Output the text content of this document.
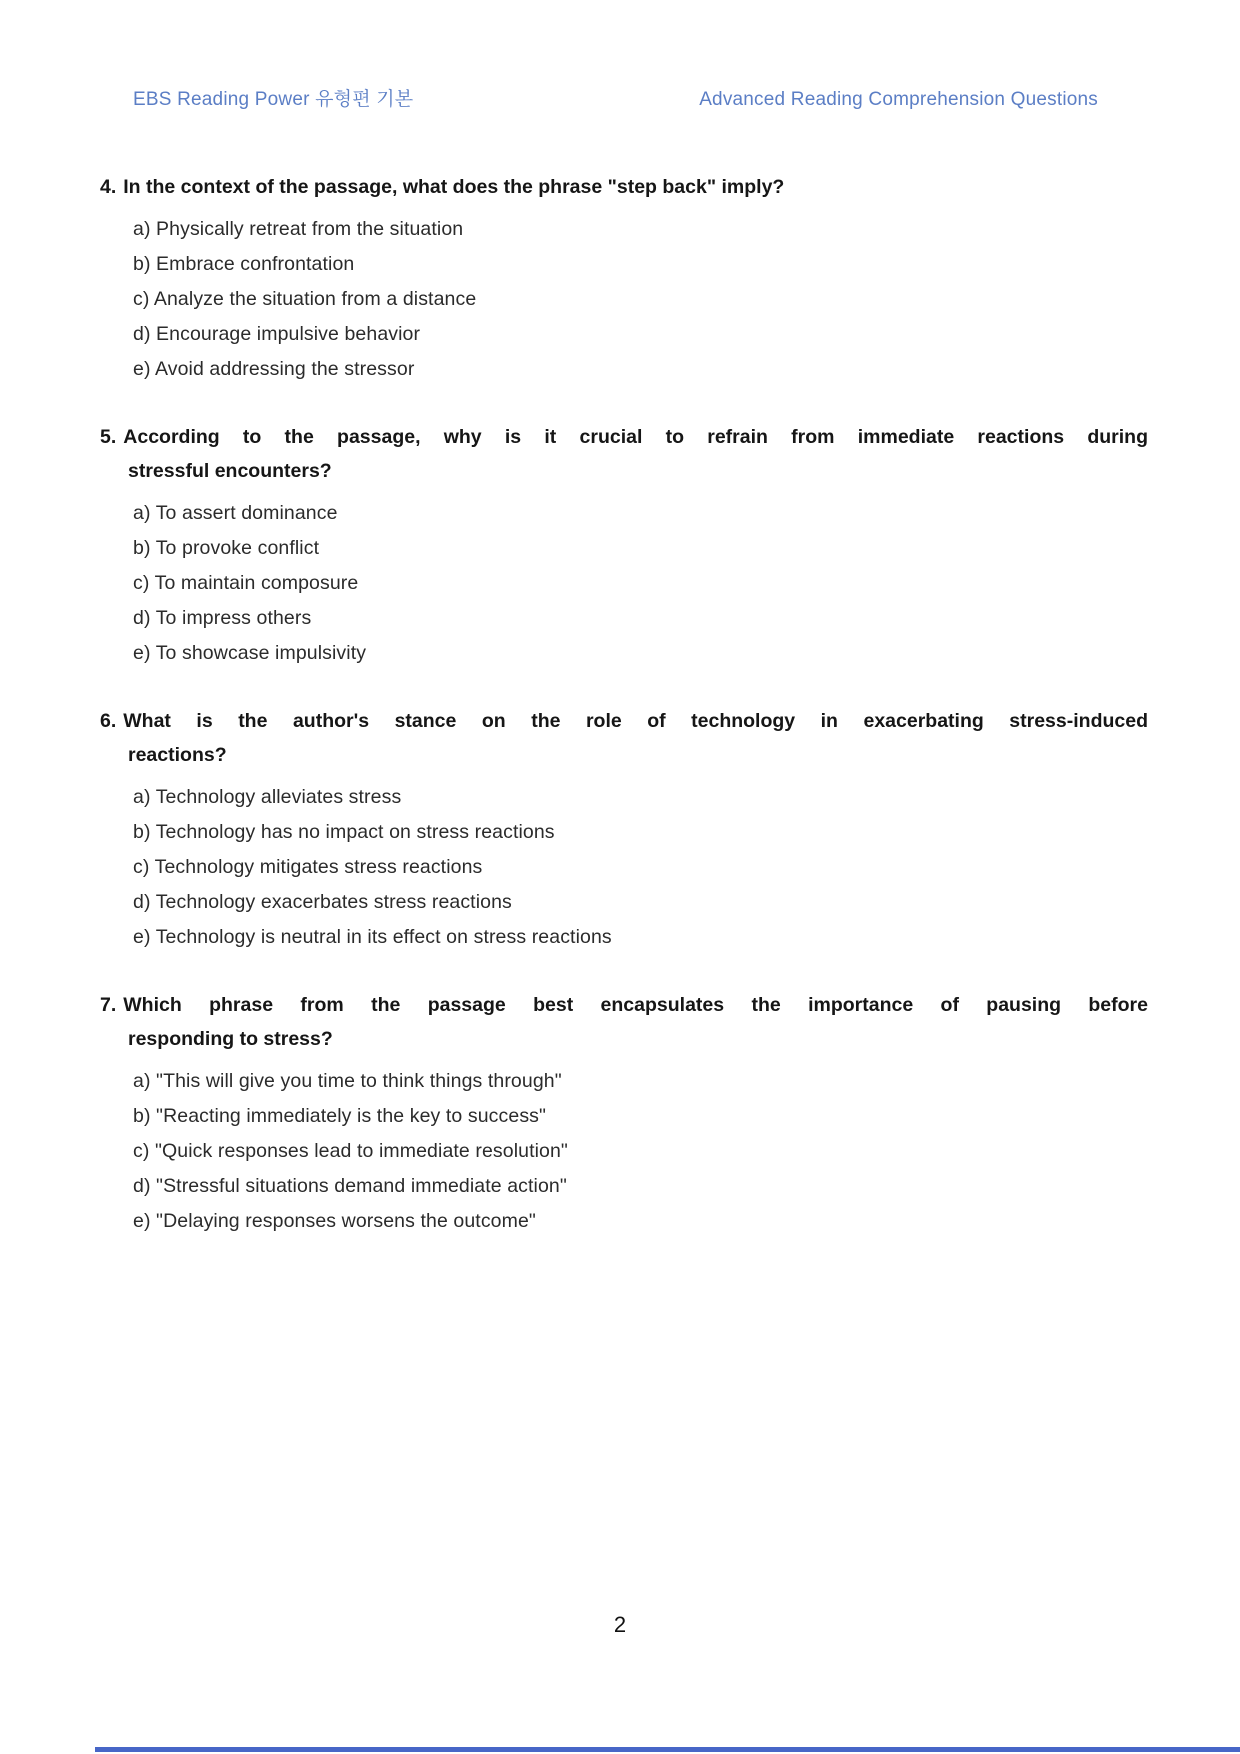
EBS Reading Power 유형편 기본	Advanced Reading Comprehension Questions
4. In the context of the passage, what does the phrase "step back" imply?
a) Physically retreat from the situation
b) Embrace confrontation
c) Analyze the situation from a distance
d) Encourage impulsive behavior
e) Avoid addressing the stressor
5. According to the passage, why is it crucial to refrain from immediate reactions during
stressful encounters?
a) To assert dominance
b) To provoke conflict
c) To maintain composure
d) To impress others
e) To showcase impulsivity
6. What is the author's stance on the role of technology in exacerbating stress-induced
reactions?
a) Technology alleviates stress
b) Technology has no impact on stress reactions
c) Technology mitigates stress reactions
d) Technology exacerbates stress reactions
e) Technology is neutral in its effect on stress reactions
7. Which phrase from the passage best encapsulates the importance of pausing before
responding to stress?
a) "This will give you time to think things through"
b) "Reacting immediately is the key to success"
c) "Quick responses lead to immediate resolution"
d) "Stressful situations demand immediate action"
e) "Delaying responses worsens the outcome"
2
